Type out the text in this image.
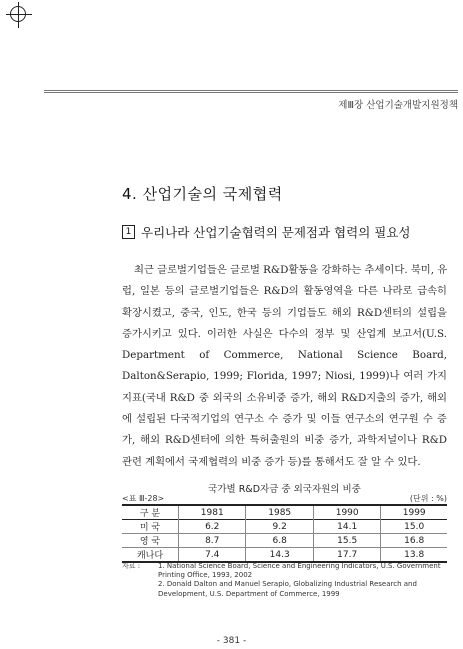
제Ⅲ장 산업기술개발지원정책
4. 산업기술의 국제협력
1 우리나라 산업기술협력의 문제점과 협력의 필요성
최근 글로벌기업들은 글로벌 R&D활동을 강화하는 추세이다. 북미, 유
럽, 일본 등의 글로벌기업들은 R&D의 활동영역을 다른 나라로 급속히
확장시켰고, 중국, 인도, 한국 등의 기업들도 해외 R&D센터의 설립을
증가시키고 있다. 이러한 사실은 다수의 정부 및 산업계 보고서(U.S.
Department of Commerce, National Science Board,
Dalton&Serapio, 1999; Florida, 1997; Niosi, 1999)나 여러 가지
지표(국내 R&D 중 외국의 소유비중 증가, 해외 R&D지출의 증가, 해외
에 설립된 다국적기업의 연구소 수 증가 및 이들 연구소의 연구원 수 증
가, 해외 R&D센터에 의한 특허출원의 비중 증가, 과학저널이나 R&D
관련 계획에서 국제협력의 비중 증가 등)를 통해서도 잘 알 수 있다.
국가별 R&D자금 중 외국자원의 비중
<표 Ⅲ-28>	(단위 : %)
구 분	1981	1985	1990	1999
미 국	6.2	9.2	14.1	15.0
영 국	8.7	6.8	15.5	16.8
캐나다	7.4	14.3	17.7	13.8
자료 :	1. National Science Board, Science and Engineering Indicators, U.S. Government Printing Office, 1993, 2002
2. Donald Dalton and Manuel Serapio, Globalizing Industrial Research and Development, U.S. Department of Commerce, 1999
- 381 -
